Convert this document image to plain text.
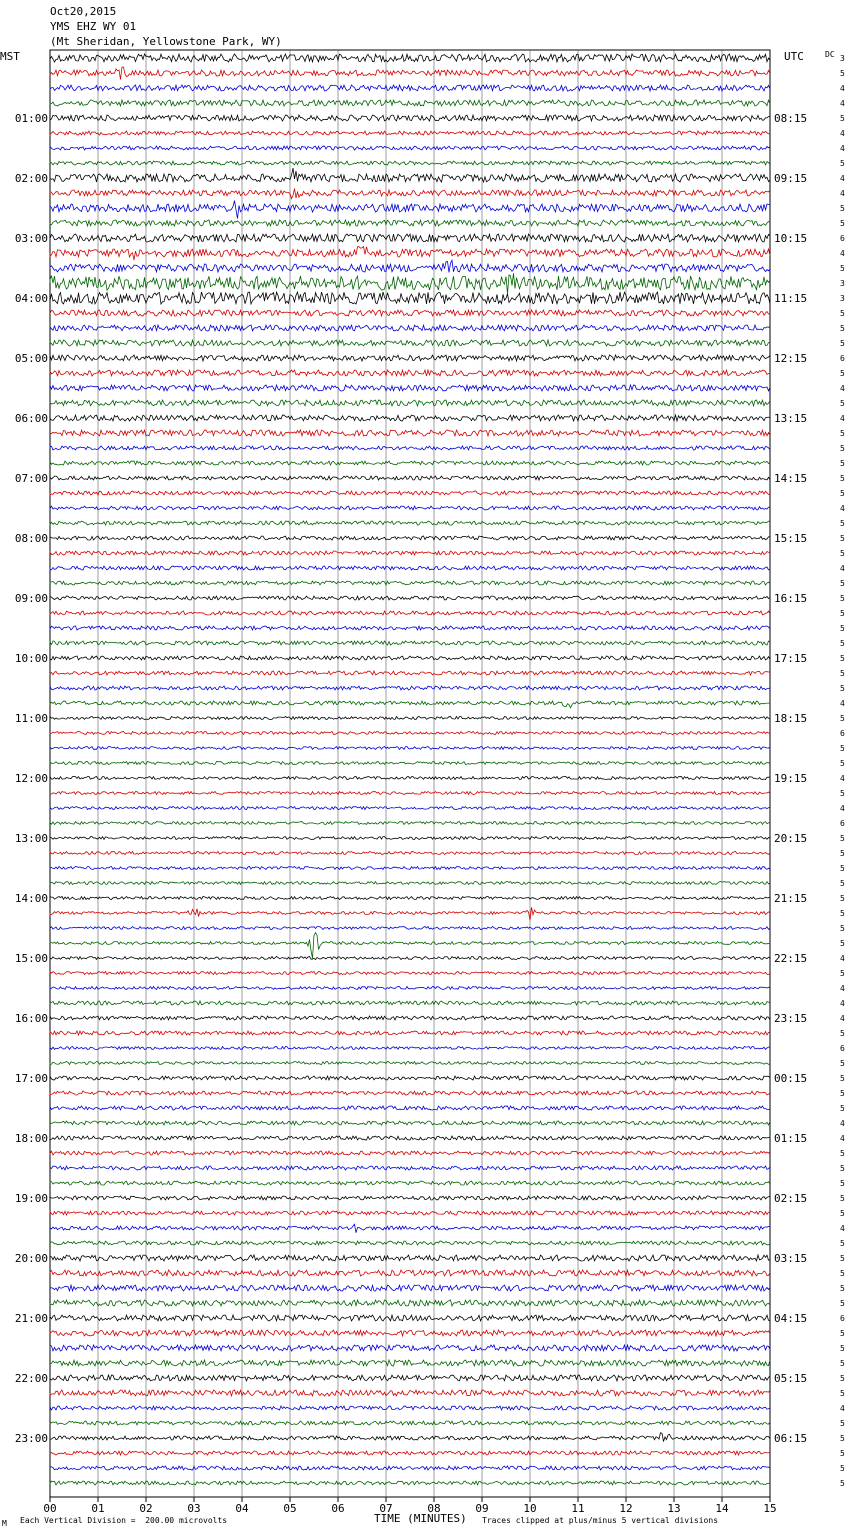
Oct20,2015
YMS EHZ WY 01
(Mt Sheridan, Yellowstone Park, WY)
MST	UTC	DC 3
5
4
4
5
4
4
5
4
4
5
5
6
4
5
3
3
5
5
5
6
5
4
5
4
5
5
5
5
5
4
5
5
5
4
5
5
5
5
5
5
5
5
4
5
6
5
5
4
5
4
6
5
5
5
5
5
5
5
5
4
5
4
4
4
5
6
5
5
5
5
4
4
5
5
5
5
5
4
5
5
5
5
5
6
5
5
5
5
5
4
5
5
5
5
5
01:00
02:00
03:00
04:00
05:00
06:00
07:00
08:00
09:00
10:00
11:00
12:00
13:00
14:00
15:00
16:00
17:00
18:00
19:00
20:00
21:00
22:00
23:00
08:15
09:15
10:15
11:15
12:15
13:15
14:15
15:15
16:15
17:15
18:15
19:15
20:15
21:15
22:15
23:15
00:15
01:15
02:15
03:15
04:15
05:15
06:15
00	01	02	03	04	05	06	07	08	09	10	11	12	13	14	15
M Each Vertical Division =  200.00 microvolts	TIME (MINUTES) Traces clipped at plus/minus 5 vertical divisions
